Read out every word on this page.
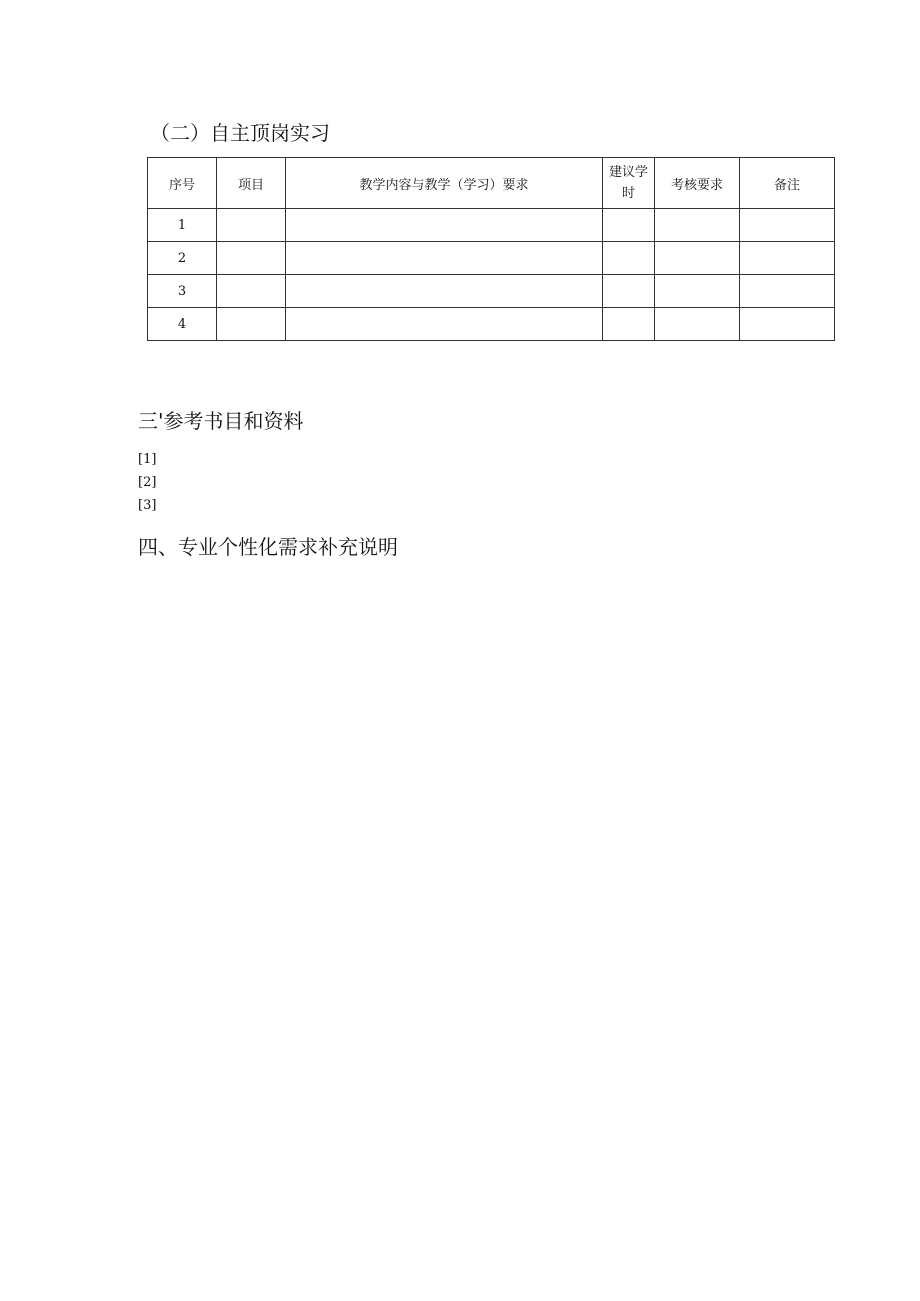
（二）自主顶岗实习
序号	项目	教学内容与教学（学习）要求	建议学时	考核要求	备注
1					
2					
3					
4					
三'参考书目和资料
[1]
[2]
[3]
四、专业个性化需求补充说明
